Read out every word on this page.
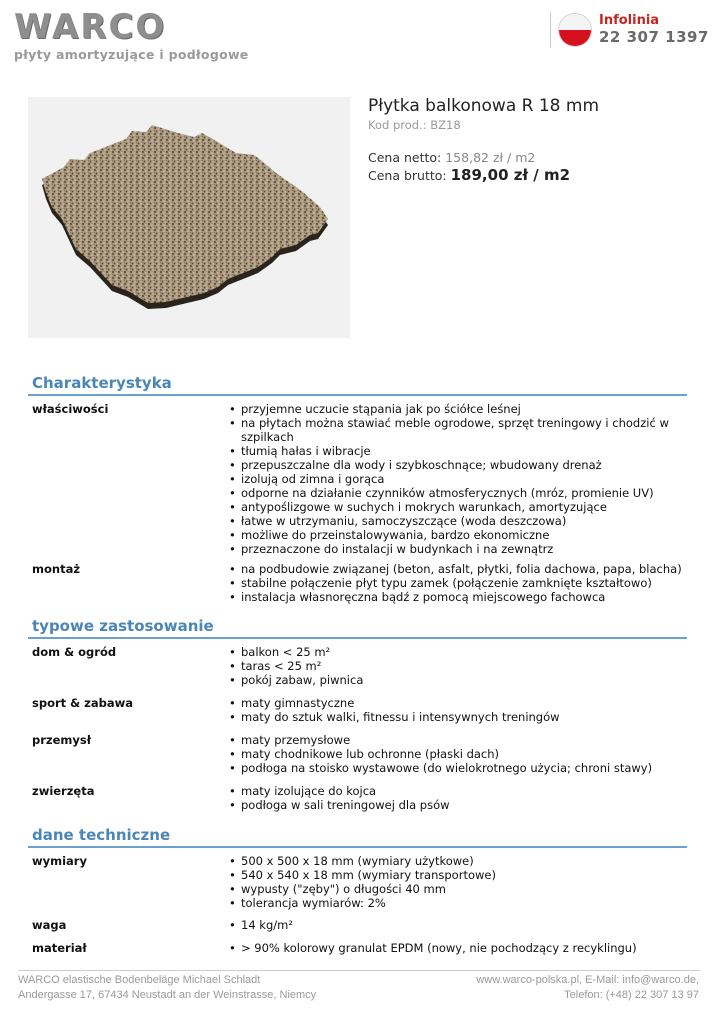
WARCO
płyty amortyzujące i podłogowe
Infolinia
22 307 1397
Płytka balkonowa R 18 mm
Kod prod.: BZ18
Cena netto: 158,82 zł / m2
Cena brutto: 189,00 zł / m2
Charakterystyka
właściwości	• przyjemne uczucie stąpania jak po ściółce leśnej
• na płytach można stawiać meble ogrodowe, sprzęt treningowy i chodzić w szpilkach
• tłumią hałas i wibracje
• przepuszczalne dla wody i szybkoschnące; wbudowany drenaż
• izolują od zimna i gorąca
• odporne na działanie czynników atmosferycznych (mróz, promienie UV)
• antypoślizgowe w suchych i mokrych warunkach, amortyzujące
• łatwe w utrzymaniu, samoczyszczące (woda deszczowa)
• możliwe do przeinstalowywania, bardzo ekonomiczne
• przeznaczone do instalacji w budynkach i na zewnątrz
montaż	• na podbudowie związanej (beton, asfalt, płytki, folia dachowa, papa, blacha)
• stabilne połączenie płyt typu zamek (połączenie zamknięte kształtowo)
• instalacja własnoręczna bądź z pomocą miejscowego fachowca
typowe zastosowanie
dom & ogród	• balkon < 25 m²
• taras < 25 m²
• pokój zabaw, piwnica
sport & zabawa	• maty gimnastyczne
• maty do sztuk walki, fitnessu i intensywnych treningów
przemysł	• maty przemysłowe
• maty chodnikowe lub ochronne (płaski dach)
• podłoga na stoisko wystawowe (do wielokrotnego użycia; chroni stawy)
zwierzęta	• maty izolujące do kojca
• podłoga w sali treningowej dla psów
dane techniczne
wymiary	• 500 x 500 x 18 mm (wymiary użytkowe)
• 540 x 540 x 18 mm (wymiary transportowe)
• wypusty ("zęby") o długości 40 mm
• tolerancja wymiarów: 2%
waga	• 14 kg/m²
materiał	• > 90% kolorowy granulat EPDM (nowy, nie pochodzący z recyklingu)
WARCO elastische Bodenbeläge Michael Schladt
Andergasse 17, 67434 Neustadt an der Weinstrasse, Niemcy
www.warco-polska.pl, E-Mail: info@warco.de,
Telefon: (+48) 22 307 13 97
